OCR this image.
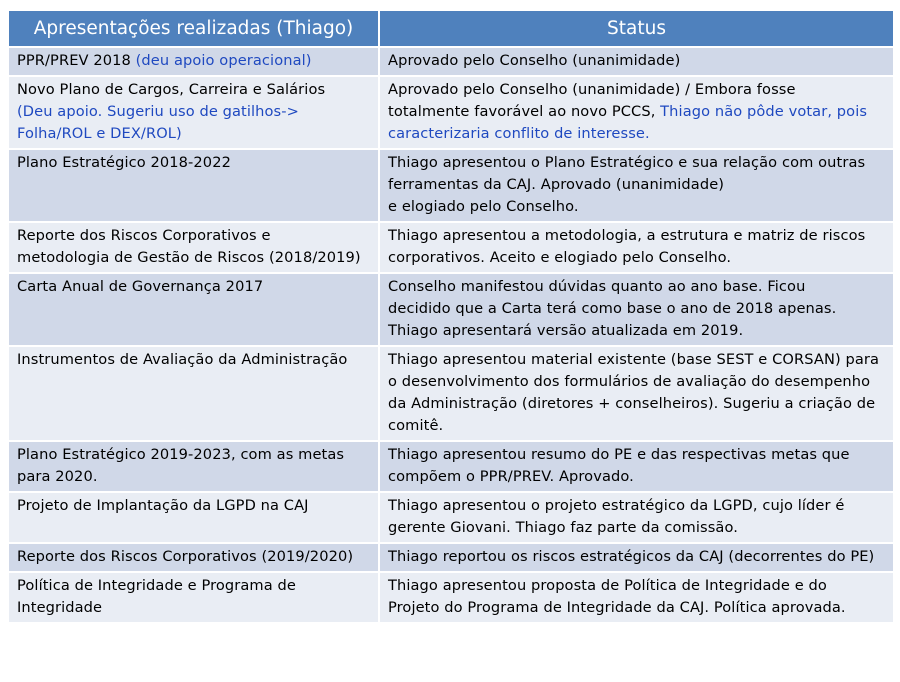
Apresentações realizadas (Thiago)	Status
PPR/PREV 2018 (deu apoio operacional)	Aprovado pelo Conselho (unanimidade)

Novo Plano de Cargos, Carreira e Salários
(Deu apoio. Sugeriu uso de gatilhos->
Folha/ROL e DEX/ROL)	Aprovado pelo Conselho (unanimidade) / Embora fosse
totalmente favorável ao novo PCCS, Thiago não pôde votar, pois
caracterizaria conflito de interesse.

Plano Estratégico 2018-2022	Thiago apresentou o Plano Estratégico e sua relação com outras
ferramentas da CAJ. Aprovado (unanimidade)
e elogiado pelo Conselho.

Reporte dos Riscos Corporativos e
metodologia de Gestão de Riscos (2018/2019)	Thiago apresentou a metodologia, a estrutura e matriz de riscos
corporativos. Aceito e elogiado pelo Conselho.

Carta Anual de Governança 2017	Conselho manifestou dúvidas quanto ao ano base. Ficou
decidido que a Carta terá como base o ano de 2018 apenas.
Thiago apresentará versão atualizada em 2019.

Instrumentos de Avaliação da Administração	Thiago apresentou material existente (base SEST e CORSAN) para
o desenvolvimento dos formulários de avaliação do desempenho
da Administração (diretores + conselheiros). Sugeriu a criação de
comitê.

Plano Estratégico 2019-2023, com as metas
para 2020.	Thiago apresentou resumo do PE e das respectivas metas que
compõem o PPR/PREV. Aprovado.

Projeto de Implantação da LGPD na CAJ	Thiago apresentou o projeto estratégico da LGPD, cujo líder é
gerente Giovani. Thiago faz parte da comissão.

Reporte dos Riscos Corporativos (2019/2020)	Thiago reportou os riscos estratégicos da CAJ (decorrentes do PE)

Política de Integridade e Programa de
Integridade	Thiago apresentou proposta de Política de Integridade e do
Projeto do Programa de Integridade da CAJ. Política aprovada.
